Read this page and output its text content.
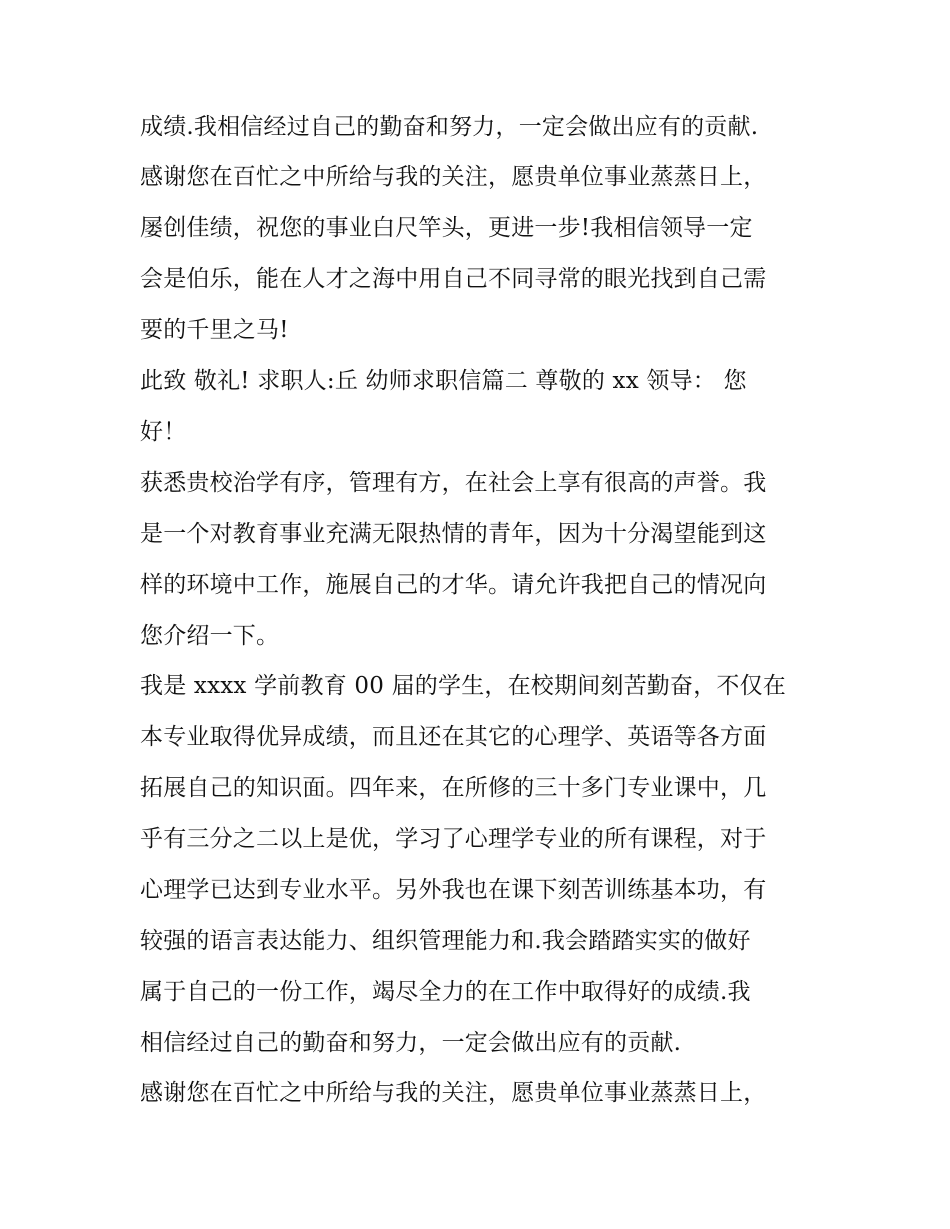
成绩.我相信经过自己的勤奋和努力，一定会做出应有的贡献.
感谢您在百忙之中所给与我的关注，愿贵单位事业蒸蒸日上，
屡创佳绩，祝您的事业白尺竿头，更进一步!我相信领导一定
会是伯乐，能在人才之海中用自己不同寻常的眼光找到自己需
要的千里之马!
此致 敬礼! 求职人:丘 幼师求职信篇二 尊敬的 xx 领导： 您
好！
获悉贵校治学有序，管理有方，在社会上享有很高的声誉。我
是一个对教育事业充满无限热情的青年，因为十分渴望能到这
样的环境中工作，施展自己的才华。请允许我把自己的情况向
您介绍一下。
我是 xxxx 学前教育 00 届的学生，在校期间刻苦勤奋，不仅在
本专业取得优异成绩，而且还在其它的心理学、英语等各方面
拓展自己的知识面。四年来，在所修的三十多门专业课中，几
乎有三分之二以上是优，学习了心理学专业的所有课程，对于
心理学已达到专业水平。另外我也在课下刻苦训练基本功，有
较强的语言表达能力、组织管理能力和.我会踏踏实实的做好
属于自己的一份工作，竭尽全力的在工作中取得好的成绩.我
相信经过自己的勤奋和努力，一定会做出应有的贡献.
感谢您在百忙之中所给与我的关注，愿贵单位事业蒸蒸日上，
